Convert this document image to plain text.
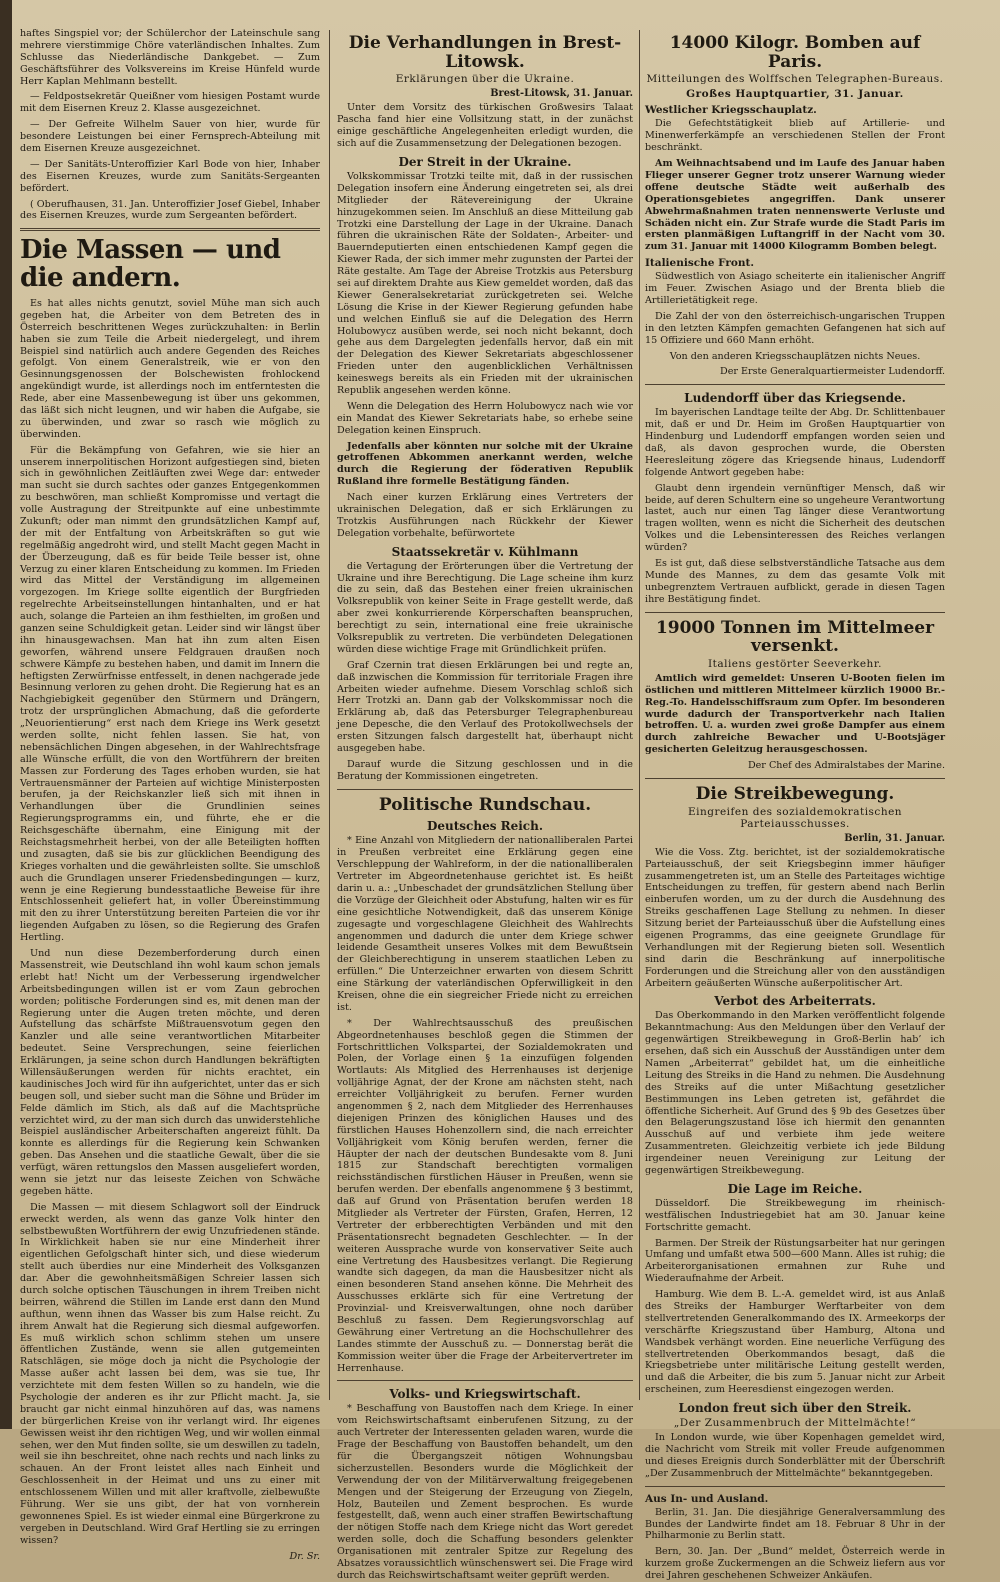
haftes Singspiel vor; der Schülerchor der Lateinschule sang mehrere vierstimmige Chöre vaterländischen Inhaltes. Zum Schlusse das Niederländische Dankgebet. — Zum Geschäftsführer des Volksvereins im Kreise Hünfeld wurde Herr Kaplan Mehlmann bestellt.

— Feldpostsekretär Queißner vom hiesigen Postamt wurde mit dem Eisernen Kreuz 2. Klasse ausgezeichnet.

— Der Gefreite Wilhelm Sauer von hier, wurde für besondere Leistungen bei einer Fernsprech-Abteilung mit dem Eisernen Kreuze ausgezeichnet.

— Der Sanitäts-Unteroffizier Karl Bode von hier, Inhaber des Eisernen Kreuzes, wurde zum Sanitäts-Sergeanten befördert.

( Oberufhausen, 31. Jan. Unteroffizier Josef Giebel, Inhaber des Eisernen Kreuzes, wurde zum Sergeanten befördert.

Die Massen — und die andern.

Es hat alles nichts genutzt, soviel Mühe man sich auch gegeben hat, die Arbeiter von dem Betreten des in Österreich beschrittenen Weges zurückzuhalten: in Berlin haben sie zum Teile die Arbeit niedergelegt, und ihrem Beispiel sind natürlich auch andere Gegenden des Reiches gefolgt. Von einem Generalstreik, wie er von den Gesinnungsgenossen der Bolschewisten frohlockend angekündigt wurde, ist allerdings noch im entferntesten die Rede, aber eine Massenbewegung ist über uns gekommen, das läßt sich nicht leugnen, und wir haben die Aufgabe, sie zu überwinden, und zwar so rasch wie möglich zu überwinden.

Für die Bekämpfung von Gefahren, wie sie hier an unserem innerpolitischen Horizont aufgestiegen sind, bieten sich in gewöhnlichen Zeitläuften zwei Wege dar: entweder man sucht sie durch sachtes oder ganzes Entgegenkommen zu beschwören, man schließt Kompromisse und vertagt die volle Austragung der Streitpunkte auf eine unbestimmte Zukunft; oder man nimmt den grundsätzlichen Kampf auf, der mit der Entfaltung von Arbeitskräften so gut wie regelmäßig angedroht wird, und stellt Macht gegen Macht in der Überzeugung, daß es für beide Teile besser ist, ohne Verzug zu einer klaren Entscheidung zu kommen. Im Frieden wird das Mittel der Verständigung im allgemeinen vorgezogen. Im Kriege sollte eigentlich der Burgfrieden regelrechte Arbeitseinstellungen hintanhalten, und er hat auch, solange die Parteien an ihm festhielten, im großen und ganzen seine Schuldigkeit getan. Leider sind wir längst über ihn hinausgewachsen. Man hat ihn zum alten Eisen geworfen, während unsere Feldgrauen draußen noch schwere Kämpfe zu bestehen haben, und damit im Innern die heftigsten Zerwürfnisse entfesselt, in denen nachgerade jede Besinnung verloren zu gehen droht. Die Regierung hat es an Nachgiebigkeit gegenüber den Stürmern und Drängern, trotz der ursprünglichen Abmachung, daß die geforderte „Neuorientierung“ erst nach dem Kriege ins Werk gesetzt werden sollte, nicht fehlen lassen. Sie hat, von nebensächlichen Dingen abgesehen, in der Wahlrechtsfrage alle Wünsche erfüllt, die von den Wortführern der breiten Massen zur Forderung des Tages erhoben wurden, sie hat Vertrauensmänner der Parteien auf wichtige Ministerposten berufen, ja der Reichskanzler ließ sich mit ihnen in Verhandlungen über die Grundlinien seines Regierungsprogramms ein, und führte, ehe er die Reichsgeschäfte übernahm, eine Einigung mit der Reichstagsmehrheit herbei, von der alle Beteiligten hofften und zusagten, daß sie bis zur glücklichen Beendigung des Krieges vorhalten und die gewährleisten sollte. Sie umschloß auch die Grundlagen unserer Friedensbedingungen — kurz, wenn je eine Regierung bundesstaatliche Beweise für ihre Entschlossenheit geliefert hat, in voller Übereinstimmung mit den zu ihrer Unterstützung bereiten Parteien die vor ihr liegenden Aufgaben zu lösen, so die Regierung des Grafen Hertling.

Und nun diese Dezemberforderung durch einen Massenstreit, wie Deutschland ihn wohl kaum schon jemals erlebt hat! Nicht um der Verbesserung irgendwelcher Arbeitsbedingungen willen ist er vom Zaun gebrochen worden; politische Forderungen sind es, mit denen man der Regierung unter die Augen treten möchte, und deren Aufstellung das schärfste Mißtrauensvotum gegen den Kanzler und alle seine verantwortlichen Mitarbeiter bedeutet. Seine Versprechungen, seine feierlichen Erklärungen, ja seine schon durch Handlungen bekräftigten Willensäußerungen werden für nichts erachtet, ein kaudinisches Joch wird für ihn aufgerichtet, unter das er sich beugen soll, und sieber sucht man die Söhne und Brüder im Felde dämlich im Stich, als daß auf die Machtsprüche verzichtet wird, zu der man sich durch das unwiderstehliche Beispiel ausländischer Arbeiterschaften angereizt fühlt. Da konnte es allerdings für die Regierung kein Schwanken geben. Das Ansehen und die staatliche Gewalt, über die sie verfügt, wären rettungslos den Massen ausgeliefert worden, wenn sie jetzt nur das leiseste Zeichen von Schwäche gegeben hätte.

Die Massen — mit diesem Schlagwort soll der Eindruck erweckt werden, als wenn das ganze Volk hinter den selbstbewußten Wortführern der ewig Unzufriedenen stände. In Wirklichkeit haben sie nur eine Minderheit ihrer eigentlichen Gefolgschaft hinter sich, und diese wiederum stellt auch überdies nur eine Minderheit des Volksganzen dar. Aber die gewohnheitsmäßigen Schreier lassen sich durch solche optischen Täuschungen in ihrem Treiben nicht beirren, während die Stillen im Lande erst dann den Mund aufthun, wenn ihnen das Wasser bis zum Halse reicht. Zu ihrem Anwalt hat die Regierung sich diesmal aufgeworfen. Es muß wirklich schon schlimm stehen um unsere öffentlichen Zustände, wenn sie allen gutgemeinten Ratschlägen, sie möge doch ja nicht die Psychologie der Masse außer acht lassen bei dem, was sie tue, Ihr verzichtete mit dem festen Willen so zu handeln, wie die Psychologie der anderen es ihr zur Pflicht macht. Ja, sie braucht gar nicht einmal hinzuhören auf das, was namens der bürgerlichen Kreise von ihr verlangt wird. Ihr eigenes Gewissen weist ihr den richtigen Weg, und wir wollen einmal sehen, wer den Mut finden sollte, sie um deswillen zu tadeln, weil sie ihn beschreitet, ohne nach rechts und nach links zu schauen. An der Front leistet alles nach Einheit und Geschlossenheit in der Heimat und uns zu einer mit entschlossenem Willen und mit aller kraftvolle, zielbewußte Führung. Wer sie uns gibt, der hat von vornherein gewonnenes Spiel. Es ist wieder einmal eine Bürgerkrone zu vergeben in Deutschland. Wird Graf Hertling sie zu erringen wissen?

Dr. Sr.

Die Verhandlungen in Brest-Litowsk.
Erklärungen über die Ukraine.
Brest-Litowsk, 31. Januar.

Unter dem Vorsitz des türkischen Großwesirs Talaat Pascha fand hier eine Vollsitzung statt, in der zunächst einige geschäftliche Angelegenheiten erledigt wurden, die sich auf die Zusammensetzung der Delegationen bezogen.

Der Streit in der Ukraine.

Volkskommissar Trotzki teilte mit, daß in der russischen Delegation insofern eine Änderung eingetreten sei, als drei Mitglieder der Rätevereinigung der Ukraine hinzugekommen seien. Im Anschluß an diese Mitteilung gab Trotzki eine Darstellung der Lage in der Ukraine. Danach führen die ukrainischen Räte der Soldaten-, Arbeiter- und Bauerndeputierten einen entschiedenen Kampf gegen die Kiewer Rada, der sich immer mehr zugunsten der Partei der Räte gestalte. Am Tage der Abreise Trotzkis aus Petersburg sei auf direktem Drahte aus Kiew gemeldet worden, daß das Kiewer Generalsekretariat zurückgetreten sei. Welche Lösung die Krise in der Kiewer Regierung gefunden habe und welchen Einfluß sie auf die Delegation des Herrn Holubowycz ausüben werde, sei noch nicht bekannt, doch gehe aus dem Dargelegten jedenfalls hervor, daß ein mit der Delegation des Kiewer Sekretariats abgeschlossener Frieden unter den augenblicklichen Verhältnissen keineswegs bereits als ein Frieden mit der ukrainischen Republik angesehen werden könne.

Wenn die Delegation des Herrn Holubowycz nach wie vor ein Mandat des Kiewer Sekretariats habe, so erhebe seine Delegation keinen Einspruch.

Jedenfalls aber könnten nur solche mit der Ukraine getroffenen Abkommen anerkannt werden, welche durch die Regierung der föderativen Republik Rußland ihre formelle Bestätigung fänden.

Nach einer kurzen Erklärung eines Vertreters der ukrainischen Delegation, daß er sich Erklärungen zu Trotzkis Ausführungen nach Rückkehr der Kiewer Delegation vorbehalte, befürwortete

Staatssekretär v. Kühlmann

die Vertagung der Erörterungen über die Vertretung der Ukraine und ihre Berechtigung. Die Lage scheine ihm kurz die zu sein, daß das Bestehen einer freien ukrainischen Volksrepublik von keiner Seite in Frage gestellt werde, daß aber zwei konkurrierende Körperschaften beanspruchen, berechtigt zu sein, international eine freie ukrainische Volksrepublik zu vertreten. Die verbündeten Delegationen würden diese wichtige Frage mit Gründlichkeit prüfen.

Graf Czernin trat diesen Erklärungen bei und regte an, daß inzwischen die Kommission für territoriale Fragen ihre Arbeiten wieder aufnehme. Diesem Vorschlag schloß sich Herr Trotzki an. Dann gab der Volkskommissar noch die Erklärung ab, daß das Petersburger Telegraphenbureau jene Depesche, die den Verlauf des Protokollwechsels der ersten Sitzungen falsch dargestellt hat, überhaupt nicht ausgegeben habe.

Darauf wurde die Sitzung geschlossen und in die Beratung der Kommissionen eingetreten.

Politische Rundschau.
Deutsches Reich.

* Eine Anzahl von Mitgliedern der nationalliberalen Partei in Preußen verbreitet eine Erklärung gegen eine Verschleppung der Wahlreform, in der die nationalliberalen Vertreter im Abgeordnetenhause gerichtet ist. Es heißt darin u. a.: „Unbeschadet der grundsätzlichen Stellung über die Vorzüge der Gleichheit oder Abstufung, halten wir es für eine gesichtliche Notwendigkeit, daß das unserem Könige zugesagte und vorgeschlagene Gleichheit des Wahlrechts angenommen und dadurch die unter dem Kriege schwer leidende Gesamtheit unseres Volkes mit dem Bewußtsein der Gleichberechtigung in unserem staatlichen Leben zu erfüllen.“ Die Unterzeichner erwarten von diesem Schritt eine Stärkung der vaterländischen Opferwilligkeit in den Kreisen, ohne die ein siegreicher Friede nicht zu erreichen ist.

* Der Wahlrechtsausschuß des preußischen Abgeordnetenhauses beschloß gegen die Stimmen der Fortschrittlichen Volkspartei, der Sozialdemokraten und Polen, der Vorlage einen § 1a einzufügen folgenden Wortlauts: Als Mitglied des Herrenhauses ist derjenige volljährige Agnat, der der Krone am nächsten steht, nach erreichter Volljährigkeit zu berufen. Ferner wurden angenommen § 2, nach dem Mitglieder des Herrenhauses diejenigen Prinzen des königlichen Hauses und des fürstlichen Hauses Hohenzollern sind, die nach erreichter Volljährigkeit vom König berufen werden, ferner die Häupter der nach der deutschen Bundesakte vom 8. Juni 1815 zur Standschaft berechtigten vormaligen reichsständischen fürstlichen Häuser in Preußen, wenn sie berufen werden. Der ebenfalls angenommene § 3 bestimmt, daß auf Grund von Präsentation berufen werden 18 Mitglieder als Vertreter der Fürsten, Grafen, Herren, 12 Vertreter der erbberechtigten Verbänden und mit den Präsentationsrecht begnadeten Geschlechter. — In der weiteren Aussprache wurde von konservativer Seite auch eine Vertretung des Hausbesitzes verlangt. Die Regierung wandte sich dagegen, da man die Hausbesitzer nicht als einen besonderen Stand ansehen könne. Die Mehrheit des Ausschusses erklärte sich für eine Vertretung der Provinzial- und Kreisverwaltungen, ohne noch darüber Beschluß zu fassen. Dem Regierungsvorschlag auf Gewährung einer Vertretung an die Hochschullehrer des Landes stimmte der Ausschuß zu. — Donnerstag berät die Kommission weiter über die Frage der Arbeitervertreter im Herrenhause.

Volks- und Kriegswirtschaft.

* Beschaffung von Baustoffen nach dem Kriege. In einer vom Reichswirtschaftsamt einberufenen Sitzung, zu der auch Vertreter der Interessenten geladen waren, wurde die Frage der Beschaffung von Baustoffen behandelt, um den für die Übergangszeit nötigen Wohnungsbau sicherzustellen. Besonders wurde die Möglichkeit der Verwendung der von der Militärverwaltung freigegebenen Mengen und der Steigerung der Erzeugung von Ziegeln, Holz, Bauteilen und Zement besprochen. Es wurde festgestellt, daß, wenn auch einer straffen Bewirtschaftung der nötigen Stoffe nach dem Kriege nicht das Wort geredet werden solle, doch die Schaffung besonders gelenkter Organisationen mit zentraler Spitze zur Regelung des Absatzes voraussichtlich wünschenswert sei. Die Frage wird durch das Reichswirtschaftsamt weiter geprüft werden.

14000 Kilogr. Bomben auf Paris.
Mitteilungen des Wolffschen Telegraphen-Bureaus.
Großes Hauptquartier, 31. Januar.
Westlicher Kriegsschauplatz.

Die Gefechtstätigkeit blieb auf Artillerie- und Minenwerferkämpfe an verschiedenen Stellen der Front beschränkt.

Am Weihnachtsabend und im Laufe des Januar haben Flieger unserer Gegner trotz unserer Warnung wieder offene deutsche Städte weit außerhalb des Operationsgebietes angegriffen. Dank unserer Abwehrmaßnahmen traten nennenswerte Verluste und Schäden nicht ein. Zur Strafe wurde die Stadt Paris im ersten planmäßigen Luftangriff in der Nacht vom 30. zum 31. Januar mit 14000 Kilogramm Bomben belegt.

Italienische Front.

Südwestlich von Asiago scheiterte ein italienischer Angriff im Feuer. Zwischen Asiago und der Brenta blieb die Artillerietätigkeit rege.

Die Zahl der von den österreichisch-ungarischen Truppen in den letzten Kämpfen gemachten Gefangenen hat sich auf 15 Offiziere und 660 Mann erhöht.

Von den anderen Kriegsschauplätzen nichts Neues.

Der Erste Generalquartiermeister Ludendorff.

Ludendorff über das Kriegsende.

Im bayerischen Landtage teilte der Abg. Dr. Schlittenbauer mit, daß er und Dr. Heim im Großen Hauptquartier von Hindenburg und Ludendorff empfangen worden seien und daß, als davon gesprochen wurde, die Obersten Heeresleitung zögere das Kriegsende hinaus, Ludendorff folgende Antwort gegeben habe:

Glaubt denn irgendein vernünftiger Mensch, daß wir beide, auf deren Schultern eine so ungeheure Verantwortung lastet, auch nur einen Tag länger diese Verantwortung tragen wollten, wenn es nicht die Sicherheit des deutschen Volkes und die Lebensinteressen des Reiches verlangen würden?

Es ist gut, daß diese selbstverständliche Tatsache aus dem Munde des Mannes, zu dem das gesamte Volk mit unbegrenztem Vertrauen aufblickt, gerade in diesen Tagen ihre Bestätigung findet.

19000 Tonnen im Mittelmeer versenkt.
Italiens gestörter Seeverkehr.

Amtlich wird gemeldet: Unseren U-Booten fielen im östlichen und mittleren Mittelmeer kürzlich 19000 Br.-Reg.-To. Handelsschiffsraum zum Opfer. Im besonderen wurde dadurch der Transportverkehr nach Italien betroffen. U. a. wurden zwei große Dampfer aus einem durch zahlreiche Bewacher und U-Bootsjäger gesicherten Geleitzug herausgeschossen.

Der Chef des Admiralstabes der Marine.

Die Streikbewegung.
Eingreifen des sozialdemokratischen Parteiausschusses.
Berlin, 31. Januar.

Wie die Voss. Ztg. berichtet, ist der sozialdemokratische Parteiausschuß, der seit Kriegsbeginn immer häufiger zusammengetreten ist, um an Stelle des Parteitages wichtige Entscheidungen zu treffen, für gestern abend nach Berlin einberufen worden, um zu der durch die Ausdehnung des Streiks geschaffenen Lage Stellung zu nehmen. In dieser Sitzung beriet der Parteiausschuß über die Aufstellung eines eigenen Programms, das eine geeignete Grundlage für Verhandlungen mit der Regierung bieten soll. Wesentlich sind darin die Beschränkung auf innerpolitische Forderungen und die Streichung aller von den ausständigen Arbeitern geäußerten Wünsche außerpolitischer Art.

Verbot des Arbeiterrats.

Das Oberkommando in den Marken veröffentlicht folgende Bekanntmachung: Aus den Meldungen über den Verlauf der gegenwärtigen Streikbewegung in Groß-Berlin hab’ ich ersehen, daß sich ein Ausschuß der Ausständigen unter dem Namen „Arbeiterrat“ gebildet hat, um die einheitliche Leitung des Streiks in die Hand zu nehmen. Die Ausdehnung des Streiks auf die unter Mißachtung gesetzlicher Bestimmungen ins Leben getreten ist, gefährdet die öffentliche Sicherheit. Auf Grund des § 9b des Gesetzes über den Belagerungszustand löse ich hiermit den genannten Ausschuß auf und verbiete ihm jede weitere Zusammentreten. Gleichzeitig verbiete ich jede Bildung irgendeiner neuen Vereinigung zur Leitung der gegenwärtigen Streikbewegung.

Die Lage im Reiche.

Düsseldorf. Die Streikbewegung im rheinisch-westfälischen Industriegebiet hat am 30. Januar keine Fortschritte gemacht.

Barmen. Der Streik der Rüstungsarbeiter hat nur geringen Umfang und umfaßt etwa 500—600 Mann. Alles ist ruhig; die Arbeiterorganisationen ermahnen zur Ruhe und Wiederaufnahme der Arbeit.

Hamburg. Wie dem B. L.-A. gemeldet wird, ist aus Anlaß des Streiks der Hamburger Werftarbeiter von dem stellvertretenden Generalkommando des IX. Armeekorps der verschärfte Kriegszustand über Hamburg, Altona und Wandsbek verhängt worden. Eine neuerliche Verfügung des stellvertretenden Oberkommandos besagt, daß die Kriegsbetriebe unter militärische Leitung gestellt werden, und daß die Arbeiter, die bis zum 5. Januar nicht zur Arbeit erscheinen, zum Heeresdienst eingezogen werden.

London freut sich über den Streik.
„Der Zusammenbruch der Mittelmächte!“

In London wurde, wie über Kopenhagen gemeldet wird, die Nachricht vom Streik mit voller Freude aufgenommen und dieses Ereignis durch Sonderblätter mit der Überschrift „Der Zusammenbruch der Mittelmächte“ bekanntgegeben.

Aus In- und Ausland.

Berlin, 31. Jan. Die diesjährige Generalversammlung des Bundes der Landwirte findet am 18. Februar 8 Uhr in der Philharmonie zu Berlin statt.

Bern, 30. Jan. Der „Bund“ meldet, Österreich werde in kurzem große Zuckermengen an die Schweiz liefern aus vor drei Jahren geschehenen Schweizer Ankäufen.
